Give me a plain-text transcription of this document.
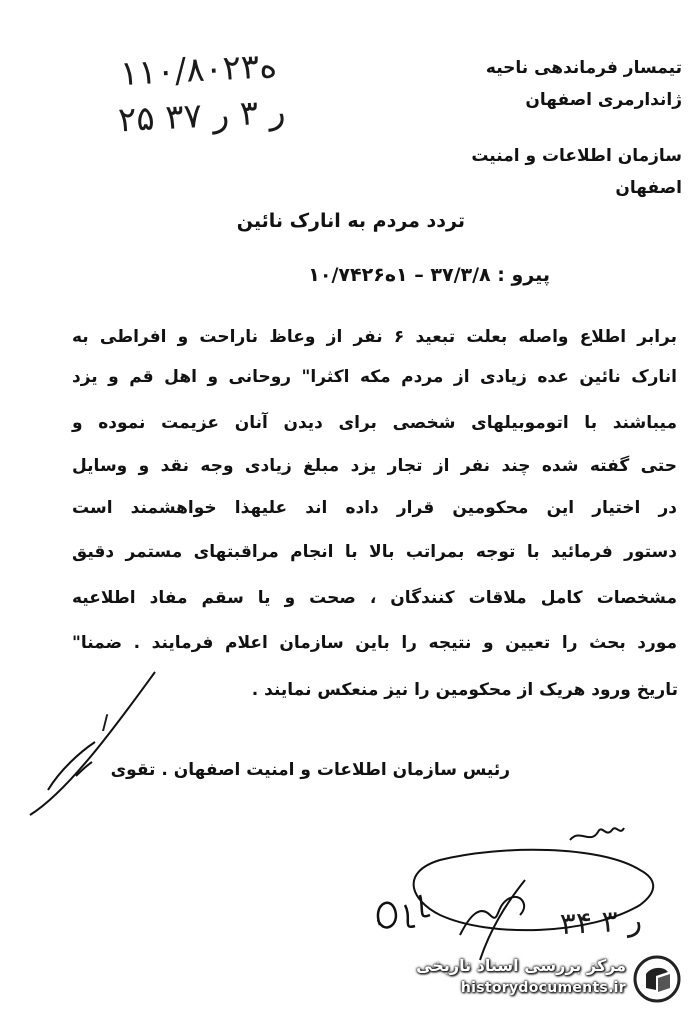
تیمسار فرماندهی ناحیه
ژاندارمری اصفهان
سازمان اطلاعات و امنیت
اصفهان
۱ه۱۰/۸۰۲۳
۲۵ ر ۳ ر ۳۷
تردد مردم به انارک نائین
پیرو : ۳۷/۳/۸ – ۱ه۱۰/۷۴۲۶
برابر اطلاع واصله بعلت تبعید ۶ نفر از وعاظ ناراحت و افراطی به
انارک نائین عده زیادی از مردم مکه اکثرا" روحانی و اهل قم و یزد
میباشند با اتوموبیلهای شخصی برای دیدن آنان عزیمت نموده و
حتی گفته شده چند نفر از تجار یزد مبلغ زیادی وجه نقد و وسایل
در اختیار این محکومین قرار داده اند علیهذا خواهشمند است
دستور فرمائید با توجه بمراتب بالا با انجام مراقبتهای مستمر دقیق
مشخصات کامل ملاقات کنندگان ، صحت و یا سقم مفاد اطلاعیه
مورد بحث را تعیین و نتیجه را باین سازمان اعلام فرمایند . ضمنا"
تاریخ ورود هریک از محکومین را نیز منعکس نمایند .
ا
رئیس سازمان اطلاعات و امنیت اصفهان . تقوی
۳۴ ر ۳
مرکز بررسی اسناد تاریخی
historydocuments.ir
